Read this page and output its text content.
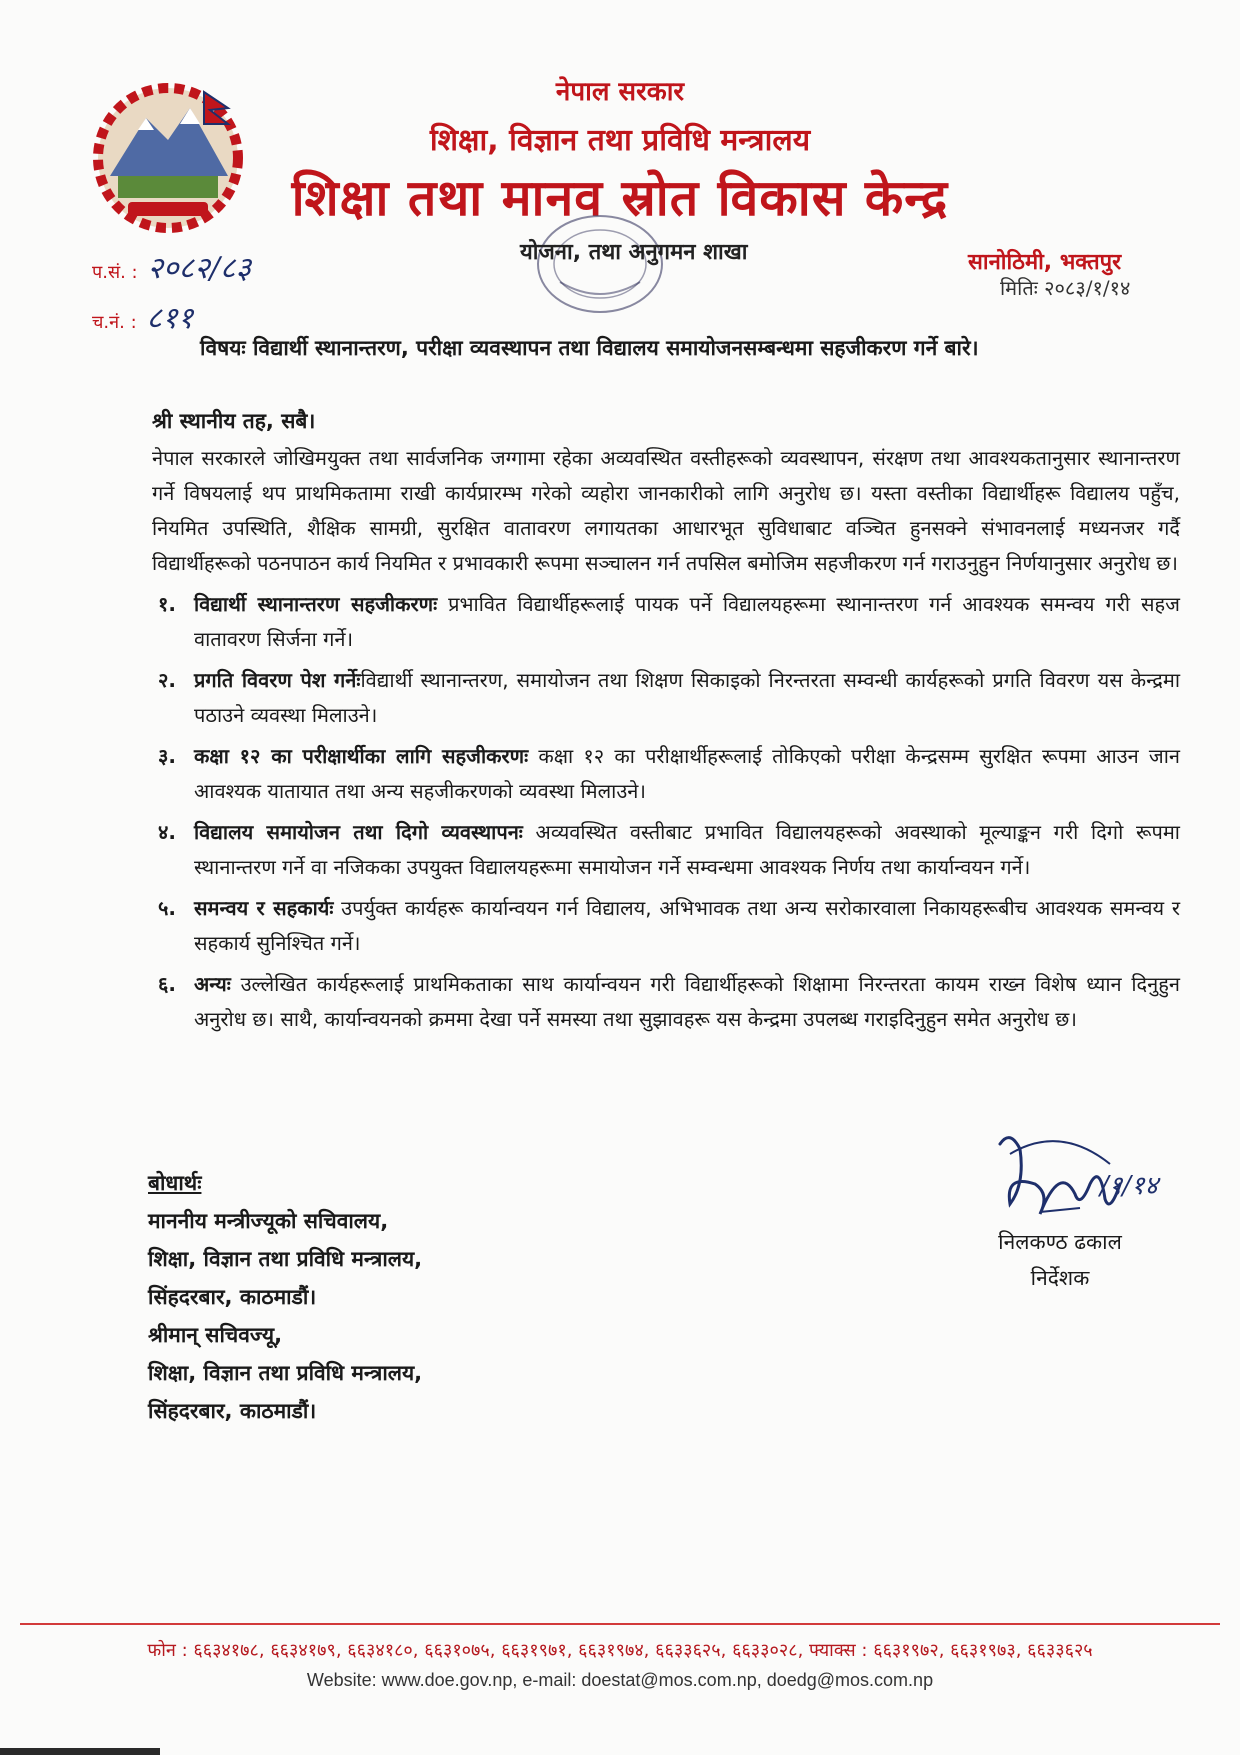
नेपाल सरकार
शिक्षा, विज्ञान तथा प्रविधि मन्त्रालय
शिक्षा तथा मानव स्रोत विकास केन्द्र
योजना, तथा अनुगमन शाखा	सानोठिमी, भक्तपुर
मितिः २०८३/१/१४
प.सं. : २०८२/८३
च.नं. : ८११
विषयः विद्यार्थी स्थानान्तरण, परीक्षा व्यवस्थापन तथा विद्यालय समायोजनसम्बन्धमा सहजीकरण गर्ने बारे।
श्री स्थानीय तह, सबै।
नेपाल सरकारले जोखिमयुक्त तथा सार्वजनिक जग्गामा रहेका अव्यवस्थित वस्तीहरूको व्यवस्थापन, संरक्षण तथा आवश्यकतानुसार स्थानान्तरण गर्ने विषयलाई थप प्राथमिकतामा राखी कार्यप्रारम्भ गरेको व्यहोरा जानकारीको लागि अनुरोध छ। यस्ता वस्तीका विद्यार्थीहरू विद्यालय पहुँच, नियमित उपस्थिति, शैक्षिक सामग्री, सुरक्षित वातावरण लगायतका आधारभूत सुविधाबाट वञ्चित हुनसक्ने संभावनलाई मध्यनजर गर्दै विद्यार्थीहरूको पठनपाठन कार्य नियमित र प्रभावकारी रूपमा सञ्चालन गर्न तपसिल बमोजिम सहजीकरण गर्न गराउनुहुन निर्णयानुसार अनुरोध छ।
१. विद्यार्थी स्थानान्तरण सहजीकरणः प्रभावित विद्यार्थीहरूलाई पायक पर्ने विद्यालयहरूमा स्थानान्तरण गर्न आवश्यक समन्वय गरी सहज वातावरण सिर्जना गर्ने।
२. प्रगति विवरण पेश गर्नेःविद्यार्थी स्थानान्तरण, समायोजन तथा शिक्षण सिकाइको निरन्तरता सम्वन्धी कार्यहरूको प्रगति विवरण यस केन्द्रमा पठाउने व्यवस्था मिलाउने।
३. कक्षा १२ का परीक्षार्थीका लागि सहजीकरणः कक्षा १२ का परीक्षार्थीहरूलाई तोकिएको परीक्षा केन्द्रसम्म सुरक्षित रूपमा आउन जान आवश्यक यातायात तथा अन्य सहजीकरणको व्यवस्था मिलाउने।
४. विद्यालय समायोजन तथा दिगो व्यवस्थापनः अव्यवस्थित वस्तीबाट प्रभावित विद्यालयहरूको अवस्थाको मूल्याङ्कन गरी दिगो रूपमा स्थानान्तरण गर्ने वा नजिकका उपयुक्त विद्यालयहरूमा समायोजन गर्ने सम्वन्धमा आवश्यक निर्णय तथा कार्यान्वयन गर्ने।
५. समन्वय र सहकार्यः उपर्युक्त कार्यहरू कार्यान्वयन गर्न विद्यालय, अभिभावक तथा अन्य सरोकारवाला निकायहरूबीच आवश्यक समन्वय र सहकार्य सुनिश्चित गर्ने।
६. अन्यः उल्लेखित कार्यहरूलाई प्राथमिकताका साथ कार्यान्वयन गरी विद्यार्थीहरूको शिक्षामा निरन्तरता कायम राख्न विशेष ध्यान दिनुहुन अनुरोध छ। साथै, कार्यान्वयनको क्रममा देखा पर्ने समस्या तथा सुझावहरू यस केन्द्रमा उपलब्ध गराइदिनुहुन समेत अनुरोध छ।
बोधार्थः
माननीय मन्त्रीज्यूको सचिवालय,
शिक्षा, विज्ञान तथा प्रविधि मन्त्रालय,
सिंहदरबार, काठमाडौं।
श्रीमान् सचिवज्यू,
शिक्षा, विज्ञान तथा प्रविधि मन्त्रालय,
सिंहदरबार, काठमाडौं।
/१/१४
निलकण्ठ ढकाल
निर्देशक
फोन : ६६३४१७८, ६६३४१७९, ६६३४१८०, ६६३१०७५, ६६३१९७१, ६६३१९७४, ६६३३६२५, ६६३३०२८, फ्याक्स : ६६३१९७२, ६६३१९७३, ६६३३६२५
Website: www.doe.gov.np, e-mail: doestat@mos.com.np, doedg@mos.com.np
